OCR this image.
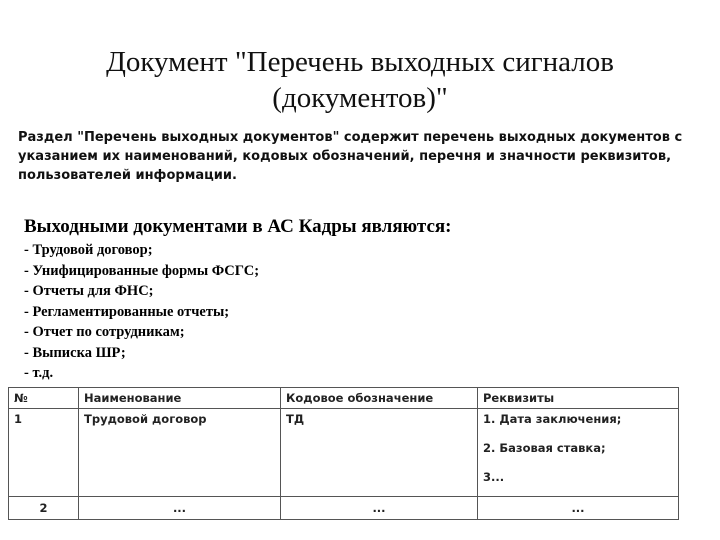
Документ "Перечень выходных сигналов (документов)"
Раздел "Перечень выходных документов" содержит перечень выходных документов с указанием их наименований, кодовых обозначений, перечня и значности реквизитов, пользователей информации.
Выходными документами в АС Кадры являются:
- Трудовой договор;
- Унифицированные формы ФСГС;
- Отчеты для ФНС;
- Регламентированные отчеты;
- Отчет по сотрудникам;
- Выписка ШР;
- т.д.
№	Наименование	Кодовое обозначение	Реквизиты
1	Трудовой договор	ТД	1. Дата заключения;
2. Базовая ставка;
3...

2	...	...	...
